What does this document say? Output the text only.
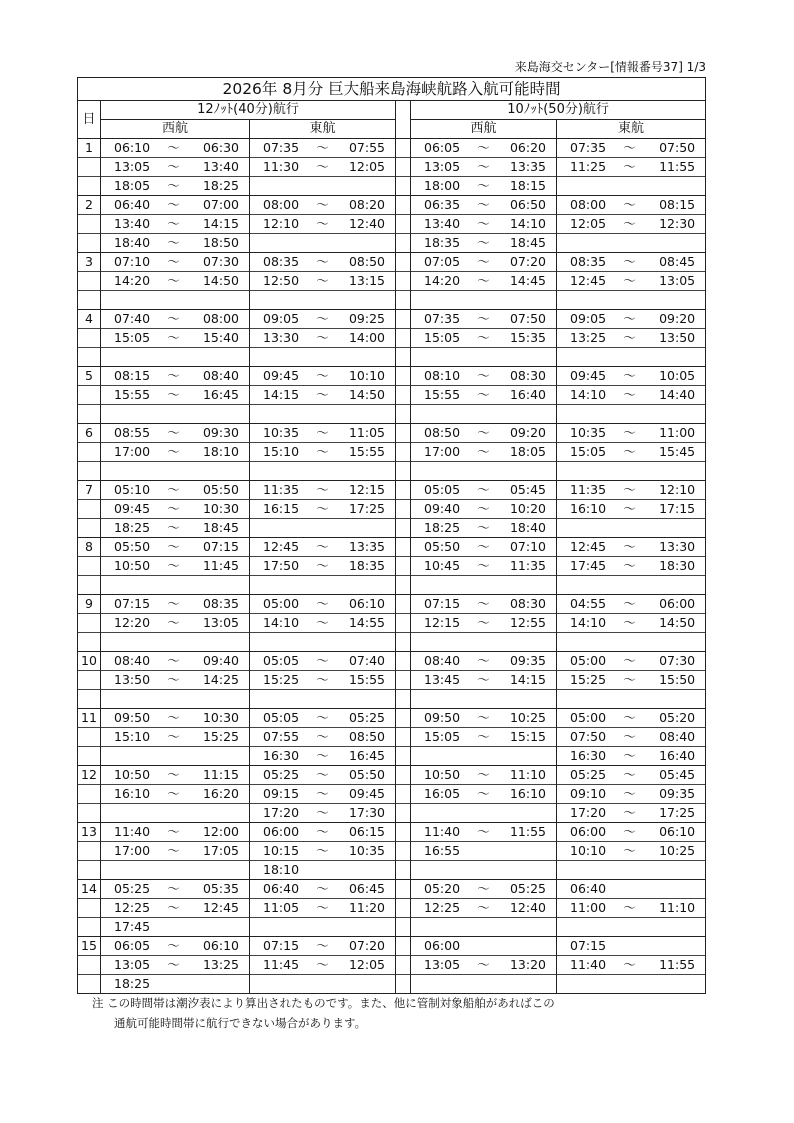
来島海交センター[情報番号37] 1/3
2026年 8月分 巨大船来島海峡航路入航可能時間													
日	12ﾉｯﾄ(40分)航行							10ﾉｯﾄ(50分)航行					
	西航			東航				西航			東航		
1	06:10	～	06:30	07:35	～	07:55		06:05	～	06:20	07:35	～	07:50
	13:05	～	13:40	11:30	～	12:05		13:05	～	13:35	11:25	～	11:55
	18:05	～	18:25					18:00	～	18:15			
2	06:40	～	07:00	08:00	～	08:20		06:35	～	06:50	08:00	～	08:15
	13:40	～	14:15	12:10	～	12:40		13:40	～	14:10	12:05	～	12:30
	18:40	～	18:50					18:35	～	18:45			
3	07:10	～	07:30	08:35	～	08:50		07:05	～	07:20	08:35	～	08:45
	14:20	～	14:50	12:50	～	13:15		14:20	～	14:45	12:45	～	13:05

4	07:40	～	08:00	09:05	～	09:25		07:35	～	07:50	09:05	～	09:20
	15:05	～	15:40	13:30	～	14:00		15:05	～	15:35	13:25	～	13:50

5	08:15	～	08:40	09:45	～	10:10		08:10	～	08:30	09:45	～	10:05
	15:55	～	16:45	14:15	～	14:50		15:55	～	16:40	14:10	～	14:40

6	08:55	～	09:30	10:35	～	11:05		08:50	～	09:20	10:35	～	11:00
	17:00	～	18:10	15:10	～	15:55		17:00	～	18:05	15:05	～	15:45

7	05:10	～	05:50	11:35	～	12:15		05:05	～	05:45	11:35	～	12:10
	09:45	～	10:30	16:15	～	17:25		09:40	～	10:20	16:10	～	17:15
	18:25	～	18:45					18:25	～	18:40			
8	05:50	～	07:15	12:45	～	13:35		05:50	～	07:10	12:45	～	13:30
	10:50	～	11:45	17:50	～	18:35		10:45	～	11:35	17:45	～	18:30

9	07:15	～	08:35	05:00	～	06:10		07:15	～	08:30	04:55	～	06:00
	12:20	～	13:05	14:10	～	14:55		12:15	～	12:55	14:10	～	14:50

10	08:40	～	09:40	05:05	～	07:40		08:40	～	09:35	05:00	～	07:30
	13:50	～	14:25	15:25	～	15:55		13:45	～	14:15	15:25	～	15:50

11	09:50	～	10:30	05:05	～	05:25		09:50	～	10:25	05:00	～	05:20
	15:10	～	15:25	07:55	～	08:50		15:05	～	15:15	07:50	～	08:40
				16:30	～	16:45					16:30	～	16:40
12	10:50	～	11:15	05:25	～	05:50		10:50	～	11:10	05:25	～	05:45
	16:10	～	16:20	09:15	～	09:45		16:05	～	16:10	09:10	～	09:35
				17:20	～	17:30					17:20	～	17:25
13	11:40	～	12:00	06:00	～	06:15		11:40	～	11:55	06:00	～	06:10
	17:00	～	17:05	10:15	～	10:35		16:55			10:10	～	10:25
				18:10									
14	05:25	～	05:35	06:40	～	06:45		05:20	～	05:25	06:40		
	12:25	～	12:45	11:05	～	11:20		12:25	～	12:40	11:00	～	11:10
	17:45												
15	06:05	～	06:10	07:15	～	07:20		06:00			07:15		
	13:05	～	13:25	11:45	～	12:05		13:05	～	13:20	11:40	～	11:55
	18:25												
注 この時間帯は潮汐表により算出されたものです。また、他に管制対象船舶があればこの
通航可能時間帯に航行できない場合があります。
